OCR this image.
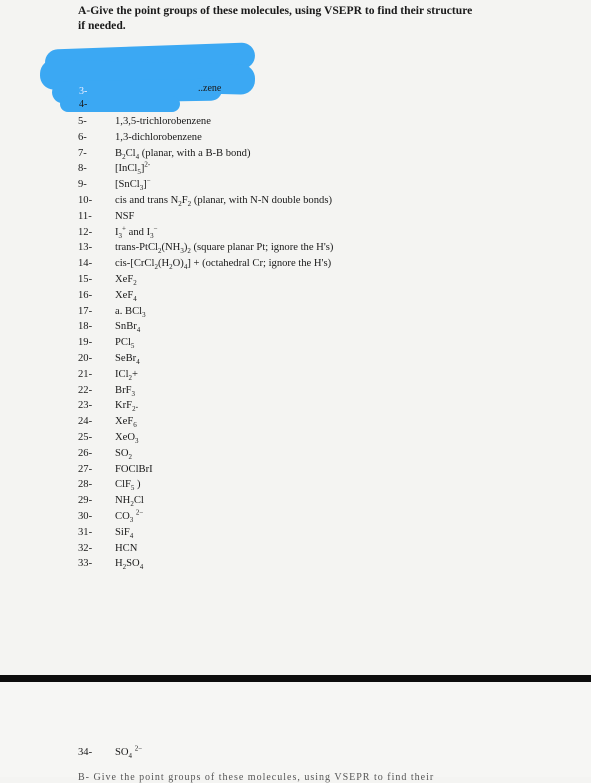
A-Give the point groups of these molecules, using VSEPR to find their structure
if needed.
3-	..zene
4-
5-	1,3,5-trichlorobenzene
6-	1,3-dichlorobenzene
7-	$B_2Cl_4$ (planar, with a B-B bond)
8-	[InCl$_5$]$^{2-}$
9-	[SnCl$_3$]−
10- cis and trans $N_2F_2$ (planar, with N-N double bonds)
11- NSF
12- $I_3^+$ and $I_3^-$
13- trans-$PtCl_2(NH_3)_2$ (square planar Pt; ignore the H's)
14- cis-$[CrCl_2(H_2O)_4]$ + (octahedral Cr; ignore the H's)
15- XeF$_2$
16- XeF$_4$
17- a. BCl$_3$
18- SnBr$_4$
19- PCl$_5$
20- SeBr$_4$
21-ICl$_2$+
22- BrF$_3$
23-KrF$_2$.
24- XeF$_6$
25- XeO$_3$
26- $SO_2$
27- FOClBrI
28- ClF$_5$ )
29- $NH_2Cl$
30- $CO_3$ $^{2-}$
31- SiF$_4$
32- HCN
33- $H_2SO_4$
34- $SO_4$ $^{2-}$
B- Give the point groups of these molecules, using VSEPR to find their
